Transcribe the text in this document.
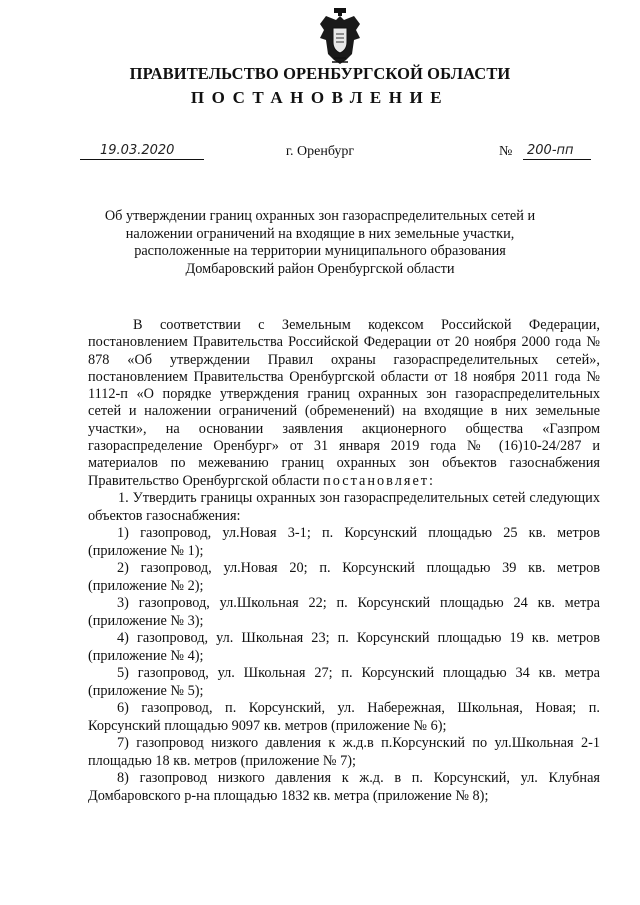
ПРАВИТЕЛЬСТВО ОРЕНБУРГСКОЙ ОБЛАСТИ
ПОСТАНОВЛЕНИЕ
19.03.2020	г. Оренбург	№ 200-пп

Об утверждении границ охранных зон газораспределительных сетей и наложении ограничений на входящие в них земельные участки, расположенные на территории муниципального образования Домбаровский район Оренбургской области

В соответствии с Земельным кодексом Российской Федерации, постановлением Правительства Российской Федерации от 20 ноября 2000 года № 878 «Об утверждении Правил охраны газораспределительных сетей», постановлением Правительства Оренбургской области от 18 ноября 2011 года № 1112-п «О порядке утверждения границ охранных зон газораспределительных сетей и наложении ограничений (обременений) на входящие в них земельные участки», на основании заявления акционерного общества «Газпром газораспределение Оренбург» от 31 января 2019 года № (16)10-24/287 и материалов по межеванию границ охранных зон объектов газоснабжения Правительство Оренбургской области постановляет:

1. Утвердить границы охранных зон газораспределительных сетей следующих объектов газоснабжения:

1) газопровод, ул.Новая 3-1; п. Корсунский площадью 25 кв. метров (приложение № 1);

2) газопровод, ул.Новая 20; п. Корсунский площадью 39 кв. метров (приложение № 2);

3) газопровод, ул.Школьная 22; п. Корсунский площадью 24 кв. метра (приложение № 3);

4) газопровод, ул. Школьная 23; п. Корсунский площадью 19 кв. метров (приложение № 4);

5) газопровод, ул. Школьная 27; п. Корсунский площадью 34 кв. метра (приложение № 5);

6) газопровод, п. Корсунский, ул. Набережная, Школьная, Новая; п. Корсунский площадью 9097 кв. метров (приложение № 6);

7) газопровод низкого давления к ж.д.в п.Корсунский по ул.Школьная 2-1 площадью 18 кв. метров (приложение № 7);

8) газопровод низкого давления к ж.д. в п. Корсунский, ул. Клубная Домбаровского р-на площадью 1832 кв. метра (приложение № 8);
